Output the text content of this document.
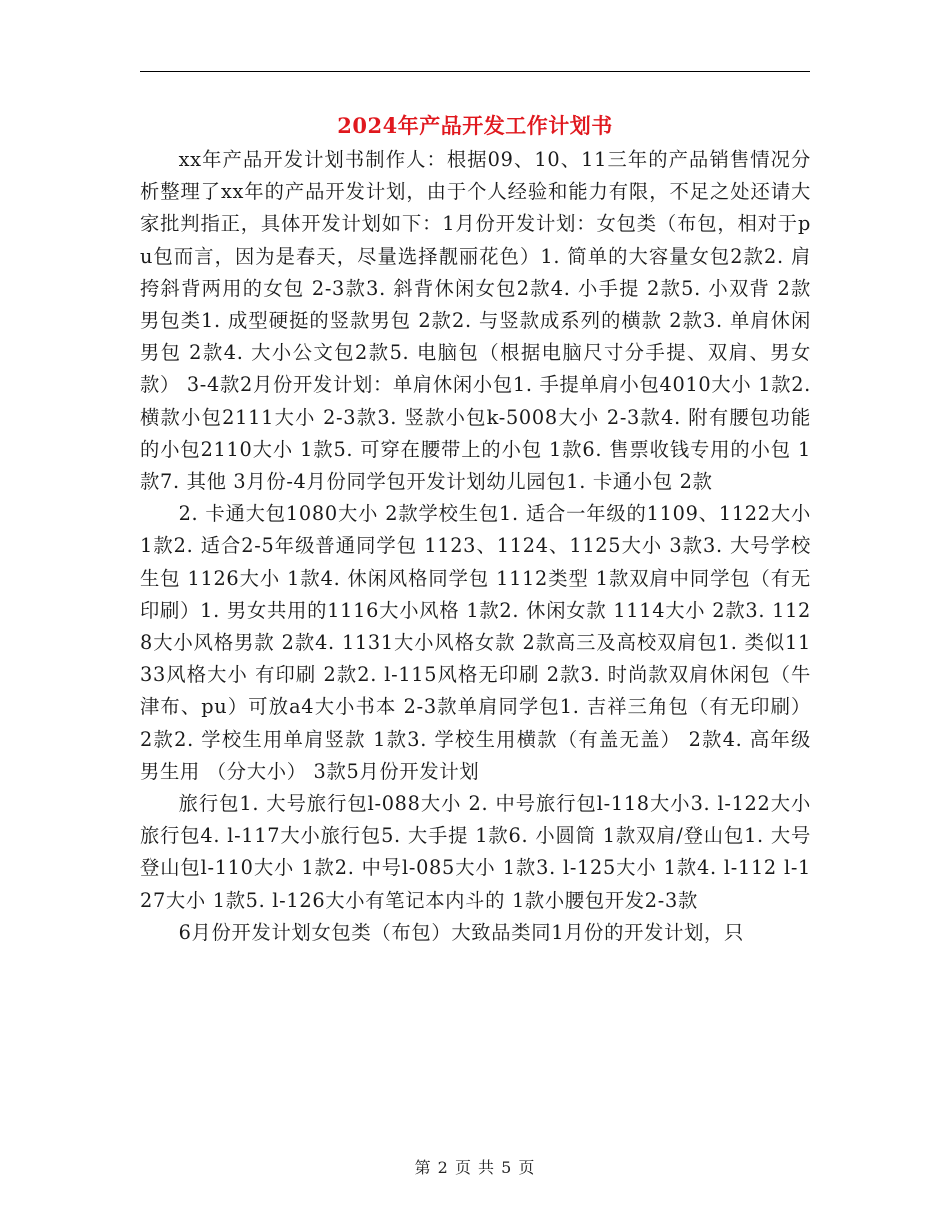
2024年产品开发工作计划书

xx年产品开发计划书制作人：根据09、10、11三年的产品销售情况分析整理了xx年的产品开发计划，由于个人经验和能力有限，不足之处还请大家批判指正，具体开发计划如下：1月份开发计划：女包类（布包，相对于pu包而言，因为是春天，尽量选择靓丽花色）1. 简单的大容量女包2款2. 肩挎斜背两用的女包 2-3款3. 斜背休闲女包2款4. 小手提 2款5. 小双背 2款男包类1. 成型硬挺的竖款男包 2款2. 与竖款成系列的横款 2款3. 单肩休闲男包 2款4. 大小公文包2款5. 电脑包（根据电脑尺寸分手提、双肩、男女款） 3-4款2月份开发计划：单肩休闲小包1. 手提单肩小包4010大小 1款2. 横款小包2111大小 2-3款3. 竖款小包k-5008大小 2-3款4. 附有腰包功能的小包2110大小 1款5. 可穿在腰带上的小包 1款6. 售票收钱专用的小包 1款7. 其他 3月份-4月份同学包开发计划幼儿园包1. 卡通小包 2款

2. 卡通大包1080大小 2款学校生包1. 适合一年级的1109、1122大小 1款2. 适合2-5年级普通同学包 1123、1124、1125大小 3款3. 大号学校生包 1126大小 1款4. 休闲风格同学包 1112类型 1款双肩中同学包（有无印刷）1. 男女共用的1116大小风格 1款2. 休闲女款 1114大小 2款3. 1128大小风格男款 2款4. 1131大小风格女款 2款高三及高校双肩包1. 类似1133风格大小 有印刷 2款2. l-115风格无印刷 2款3. 时尚款双肩休闲包（牛津布、pu）可放a4大小书本 2-3款单肩同学包1. 吉祥三角包（有无印刷） 2款2. 学校生用单肩竖款 1款3. 学校生用横款（有盖无盖） 2款4. 高年级男生用 （分大小） 3款5月份开发计划

旅行包1. 大号旅行包l-088大小 2. 中号旅行包l-118大小3. l-122大小旅行包4. l-117大小旅行包5. 大手提 1款6. 小圆筒 1款双肩/登山包1. 大号登山包l-110大小 1款2. 中号l-085大小 1款3. l-125大小 1款4. l-112 l-127大小 1款5. l-126大小有笔记本内斗的 1款小腰包开发2-3款

6月份开发计划女包类（布包）大致品类同1月份的开发计划，只

第 2 页 共 5 页
